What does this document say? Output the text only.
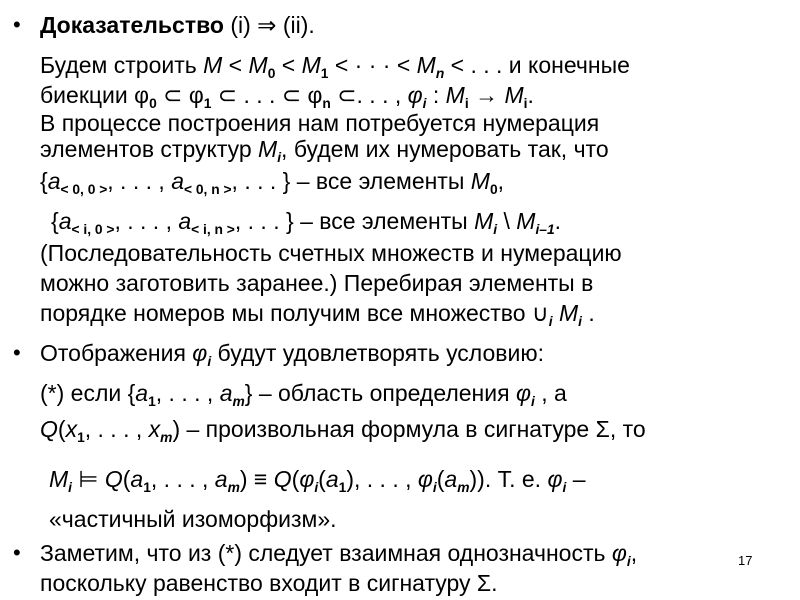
• Доказательство (i) ⇒ (ii).
Будем строить $M < M_0 < M_1$ < · · · < $M_n$ < . . . и конечные
биекции $\varphi_0$ ⊂ $\varphi_1$ ⊂ . . . ⊂ $\varphi_n$ ⊂. . . , $\varphi_i$ : $M_i \to M_i$.
В процессе построения нам потребуется нумерация
элементов структур $M_i$, будем их нумеровать так, что
{$a_{< 0, 0 >}$, . . . , $a_{< 0, n >}$, . . . } – все элементы $M_0$,
{$a_{< i, 0 >}$, . . . , $a_{< i, n >}$, . . . } – все элементы $M_i$ \ $M_{i-1}$.
(Последовательность счетных множеств и нумерацию
можно заготовить заранее.) Перебирая элементы в
порядке номеров мы получим все множество $\cup_i$ $M_i$ .
• Отображения $\varphi_i$ будут удовлетворять условию:
(*) если {$a_1$, . . . , $a_m$} – область определения $\varphi_i$ , а
$Q(x_1$, . . . , $x_m$) – произвольная формула в сигнатуре Σ, то
$M_i$ ⊨ $Q(a_1$, . . . , $a_m) \equiv Q(\varphi_i(a_1)$, . . . , $\varphi_i(a_m)$). Т. е. $\varphi_i$ –
«частичный изоморфизм».
• Заметим, что из (*) следует взаимная однозначность $\varphi_i$,
поскольку равенство входит в сигнатуру Σ.
17
